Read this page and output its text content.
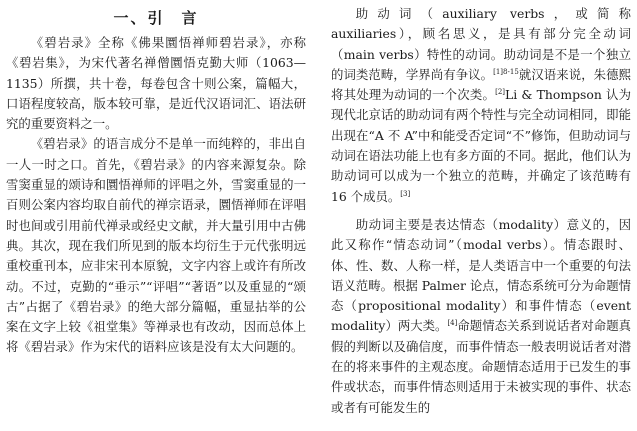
一、引　言

《碧岩录》全称《佛果圜悟禅师碧岩录》，亦称《碧岩集》，为宋代著名禅僧圜悟克勤大师（1063—1135）所撰，共十卷，每卷包含十则公案，篇幅大，口语程度较高，版本较可靠，是近代汉语词汇、语法研究的重要资料之一。

《碧岩录》的语言成分不是单一而纯粹的，非出自一人一时之口。首先，《碧岩录》的内容来源复杂。除雪窦重显的颂诗和圜悟禅师的评唱之外，雪窦重显的一百则公案内容均取自前代的禅宗语录，圜悟禅师在评唱时也间或引用前代禅录或经史文献，并大量引用中古佛典。其次，现在我们所见到的版本均衍生于元代张明远重校重刊本，应非宋刊本原貌，文字内容上或许有所改动。不过，克勤的“垂示”“评唱”“著语”以及重显的“颂古”占据了《碧岩录》的绝大部分篇幅，重显拈举的公案在文字上较《祖堂集》等禅录也有改动，因而总体上将《碧岩录》作为宋代的语料应该是没有太大问题的。

助动词（auxiliary verbs，或简称 auxiliaries），顾名思义，是具有部分完全动词（main verbs）特性的动词。助动词是不是一个独立的词类范畴，学界尚有争议。$^{[1]8-15}$就汉语来说，朱德熙将其处理为动词的一个次类。[2]Li & Thompson 认为现代北京话的助动词有两个特性与完全动词相同，即能出现在“A 不 A”中和能受否定词“不”修饰，但助动词与动词在语法功能上也有多方面的不同。据此，他们认为助动词可以成为一个独立的范畴，并确定了该范畴有 16 个成员。[3]

助动词主要是表达情态（modality）意义的，因此又称作“情态动词”（modal verbs）。情态跟时、体、性、数、人称一样，是人类语言中一个重要的句法语义范畴。根据 Palmer 论点，情态系统可分为命题情态（propositional modality）和事件情态（event modality）两大类。[4]命题情态关系到说话者对命题真假的判断以及确信度，而事件情态一般表明说话者对潜在的将来事件的主观态度。命题情态适用于已发生的事件或状态，而事件情态则适用于未被实现的事件、状态或者有可能发生的
